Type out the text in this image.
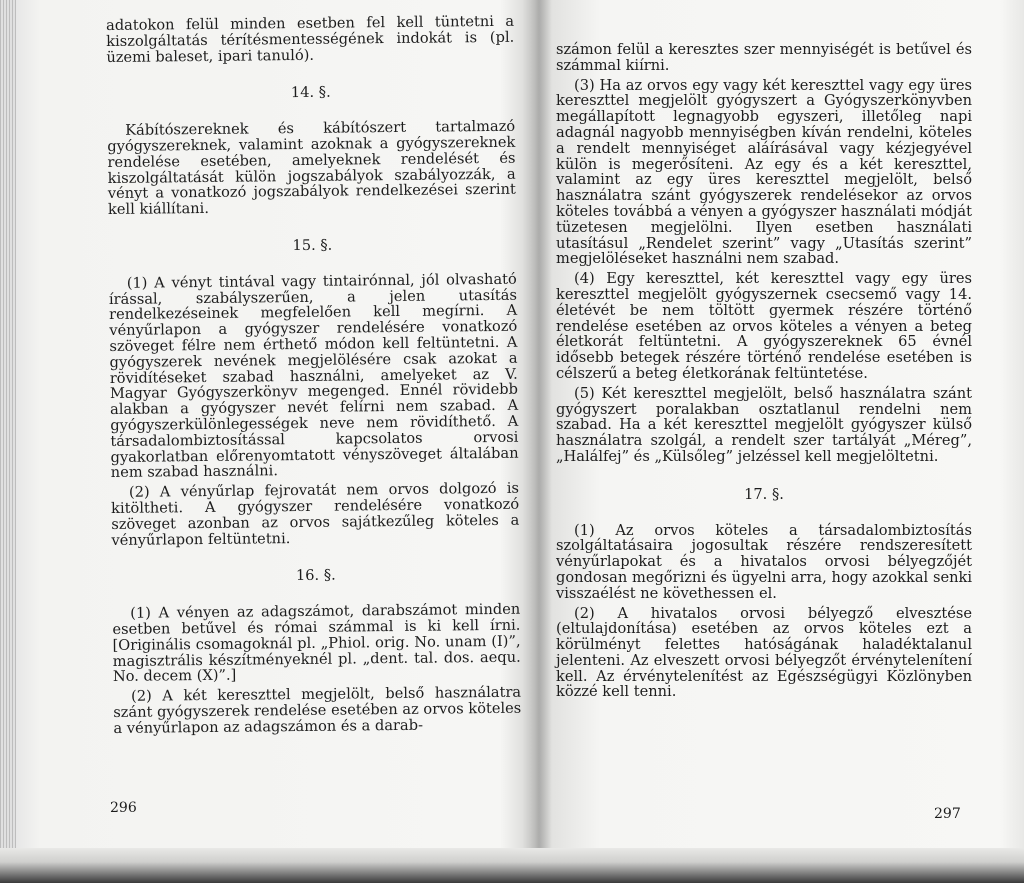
adatokon felül minden esetben fel kell tüntetni a kiszolgáltatás térítésmentességének indokát is (pl. üzemi baleset, ipari tanuló).

14. §.

Kábítószereknek és kábítószert tartalmazó gyógyszereknek, valamint azoknak a gyógyszereknek rendelése esetében, amelyeknek rendelését és kiszolgáltatását külön jogszabályok szabályozzák, a vényt a vonatkozó jogszabályok rendelkezései szerint kell kiállítani.

15. §.

(1) A vényt tintával vagy tintairónnal, jól olvasható írással, szabályszerűen, a jelen utasítás rendelkezéseinek megfelelően kell megírni. A vényűrlapon a gyógyszer rendelésére vonatkozó szöveget félre nem érthető módon kell feltüntetni. A gyógyszerek nevének megjelölésére csak azokat a rövidítéseket szabad használni, amelyeket az V. Magyar Gyógyszerkönyv megenged. Ennél rövidebb alakban a gyógyszer nevét felírni nem szabad. A gyógyszerkülönlegességek neve nem rövidíthető. A társadalombiztosítással kapcsolatos orvosi gyakorlatban előrenyomtatott vényszöveget általában nem szabad használni.

(2) A vényűrlap fejrovatát nem orvos dolgozó is kitöltheti. A gyógyszer rendelésére vonatkozó szöveget azonban az orvos sajátkezűleg köteles a vényűrlapon feltüntetni.

16. §.

(1) A vényen az adagszámot, darabszámot minden esetben betűvel és római számmal is ki kell írni. [Originális csomagoknál pl. „Phiol. orig. No. unam (I)”, magisztrális készítményeknél pl. „dent. tal. dos. aequ. No. decem (X)”.]

(2) A két kereszttel megjelölt, belső használatra szánt gyógyszerek rendelése esetében az orvos köteles a vényűrlapon az adagszámon és a darab-

számon felül a keresztes szer mennyiségét is betűvel és számmal kiírni.

(3) Ha az orvos egy vagy két kereszttel vagy egy üres kereszttel megjelölt gyógyszert a Gyógyszerkönyvben megállapított legnagyobb egyszeri, illetőleg napi adagnál nagyobb mennyiségben kíván rendelni, köteles a rendelt mennyiséget aláírásával vagy kézjegyével külön is megerősíteni. Az egy és a két kereszttel, valamint az egy üres kereszttel megjelölt, belső használatra szánt gyógyszerek rendelésekor az orvos köteles továbbá a vényen a gyógyszer használati módját tüzetesen megjelölni. Ilyen esetben használati utasításul „Rendelet szerint” vagy „Utasítás szerint” megjelöléseket használni nem szabad.

(4) Egy kereszttel, két kereszttel vagy egy üres kereszttel megjelölt gyógyszernek csecsemő vagy 14. életévét be nem töltött gyermek részére történő rendelése esetében az orvos köteles a vényen a beteg életkorát feltüntetni. A gyógyszereknek 65 évnél idősebb betegek részére történő rendelése esetében is célszerű a beteg életkorának feltüntetése.

(5) Két kereszttel megjelölt, belső használatra szánt gyógyszert poralakban osztatlanul rendelni nem szabad. Ha a két kereszttel megjelölt gyógyszer külső használatra szolgál, a rendelt szer tartályát „Méreg”, „Halálfej” és „Külsőleg” jelzéssel kell megjelöltetni.

17. §.

(1) Az orvos köteles a társadalombiztosítás szolgáltatásaira jogosultak részére rendszeresített vényűrlapokat és a hivatalos orvosi bélyegzőjét gondosan megőrizni és ügyelni arra, hogy azokkal senki visszaélést ne követhessen el.

(2) A hivatalos orvosi bélyegző elvesztése (eltulajdonítása) esetében az orvos köteles ezt a körülményt felettes hatóságának haladéktalanul jelenteni. Az elveszett orvosi bélyegzőt érvénytelenítení kell. Az érvénytelenítést az Egészségügyi Közlönyben közzé kell tenni.

296	297
